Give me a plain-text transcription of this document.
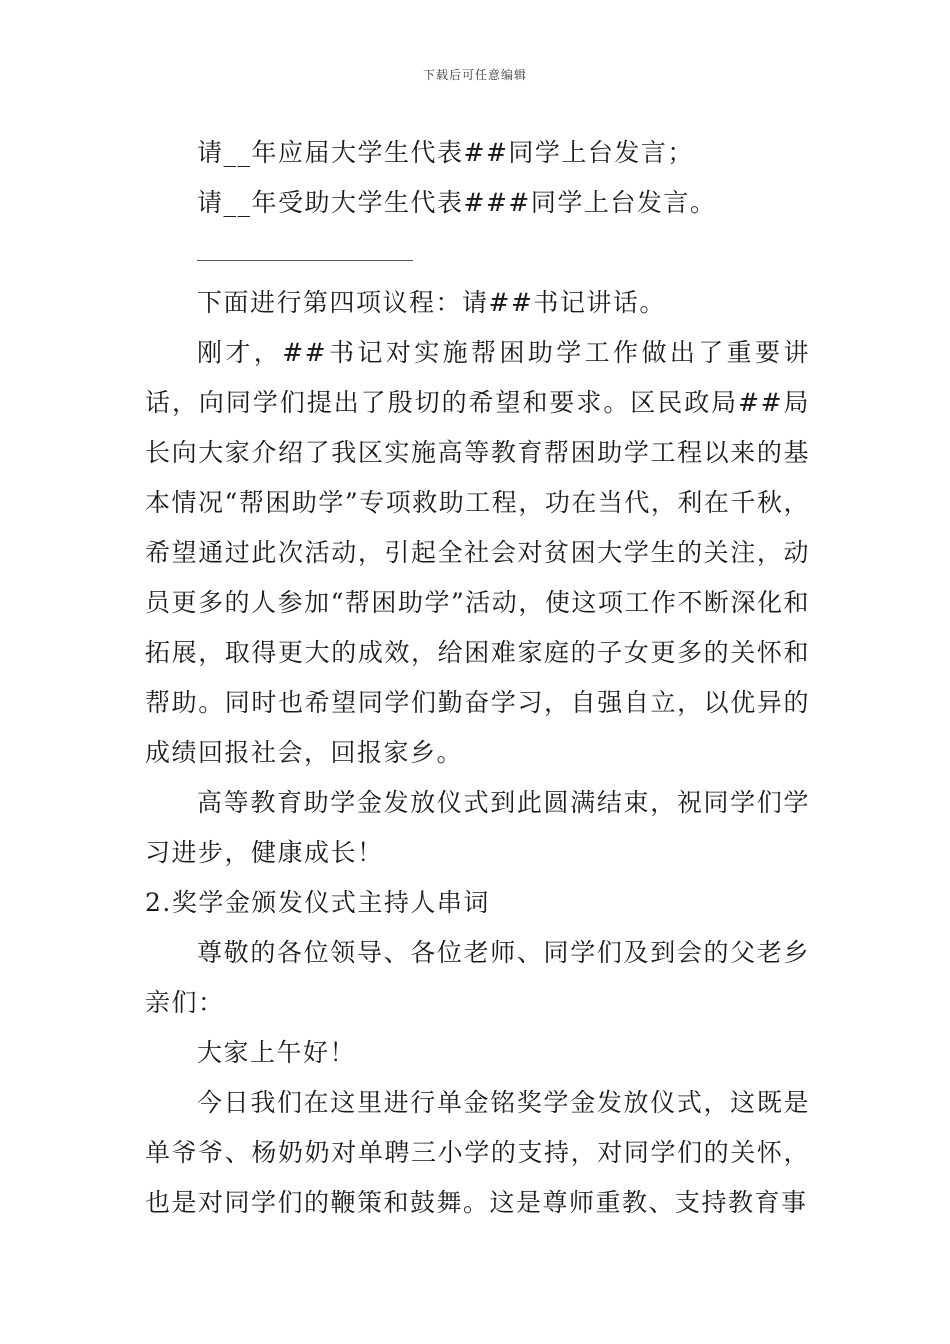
下载后可任意编辑

请__年应届大学生代表##同学上台发言；

请__年受助大学生代表###同学上台发言。

下面进行第四项议程：请##书记讲话。

刚才，##书记对实施帮困助学工作做出了重要讲话，向同学们提出了殷切的希望和要求。区民政局##局长向大家介绍了我区实施高等教育帮困助学工程以来的基本情况“帮困助学”专项救助工程，功在当代，利在千秋，希望通过此次活动，引起全社会对贫困大学生的关注，动员更多的人参加“帮困助学”活动，使这项工作不断深化和拓展，取得更大的成效，给困难家庭的子女更多的关怀和帮助。同时也希望同学们勤奋学习，自强自立，以优异的成绩回报社会，回报家乡。

高等教育助学金发放仪式到此圆满结束，祝同学们学习进步，健康成长！

2.奖学金颁发仪式主持人串词

尊敬的各位领导、各位老师、同学们及到会的父老乡亲们：

大家上午好！

今日我们在这里进行单金铭奖学金发放仪式，这既是单爷爷、杨奶奶对单聘三小学的支持，对同学们的关怀，也是对同学们的鞭策和鼓舞。这是尊师重教、支持教育事
